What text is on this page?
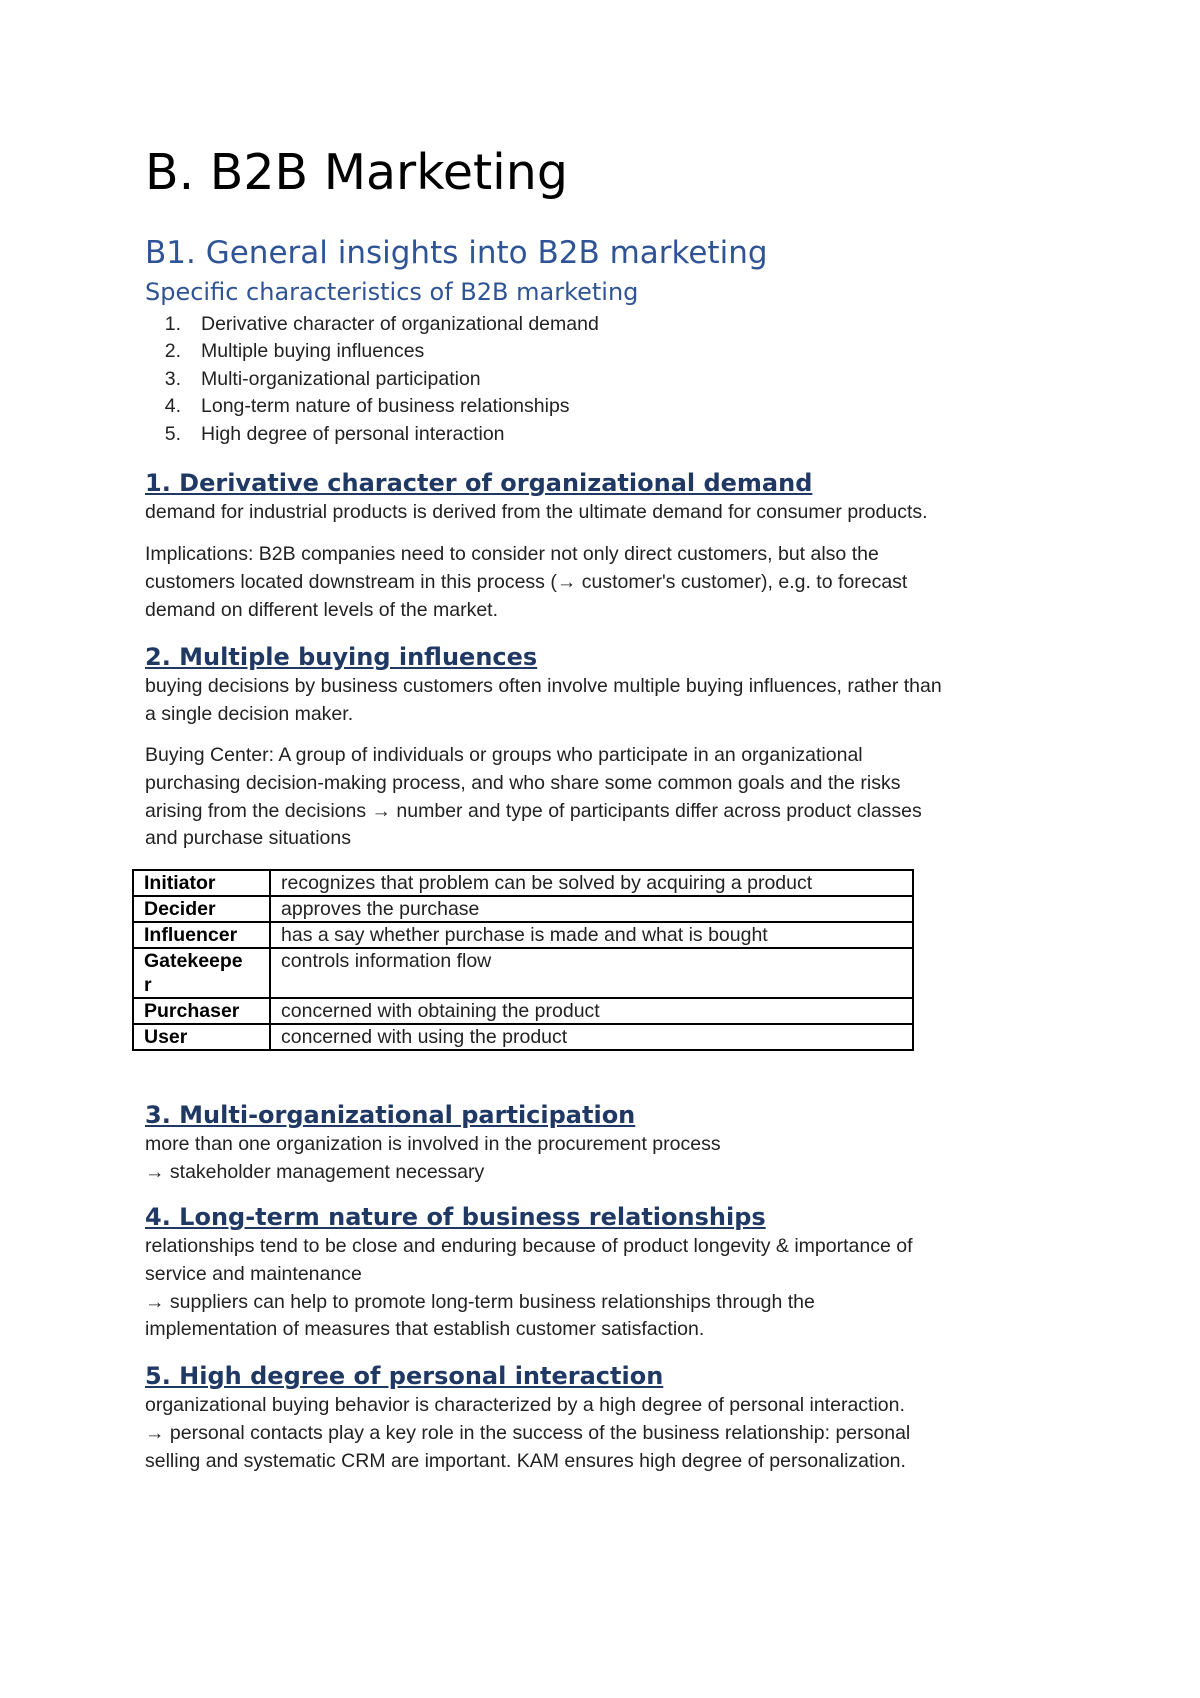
B. B2B Marketing
B1. General insights into B2B marketing
Specific characteristics of B2B marketing
1. Derivative character of organizational demand
2. Multiple buying influences
3. Multi-organizational participation
4. Long-term nature of business relationships
5. High degree of personal interaction
1. Derivative character of organizational demand
demand for industrial products is derived from the ultimate demand for consumer products.
Implications: B2B companies need to consider not only direct customers, but also the
customers located downstream in this process (→ customer's customer), e.g. to forecast
demand on different levels of the market.
2. Multiple buying influences
buying decisions by business customers often involve multiple buying influences, rather than
a single decision maker.
Buying Center: A group of individuals or groups who participate in an organizational
purchasing decision-making process, and who share some common goals and the risks
arising from the decisions → number and type of participants differ across product classes
and purchase situations
Initiator	recognizes that problem can be solved by acquiring a product

Decider	approves the purchase

Influencer	has a say whether purchase is made and what is bought

Gatekeepe
r	controls information flow

Purchaser	concerned with obtaining the product

User	concerned with using the product
3. Multi-organizational participation
more than one organization is involved in the procurement process
→ stakeholder management necessary
4. Long-term nature of business relationships
relationships tend to be close and enduring because of product longevity & importance of
service and maintenance
→ suppliers can help to promote long-term business relationships through the
implementation of measures that establish customer satisfaction.
5. High degree of personal interaction
organizational buying behavior is characterized by a high degree of personal interaction.
→ personal contacts play a key role in the success of the business relationship: personal
selling and systematic CRM are important. KAM ensures high degree of personalization.
